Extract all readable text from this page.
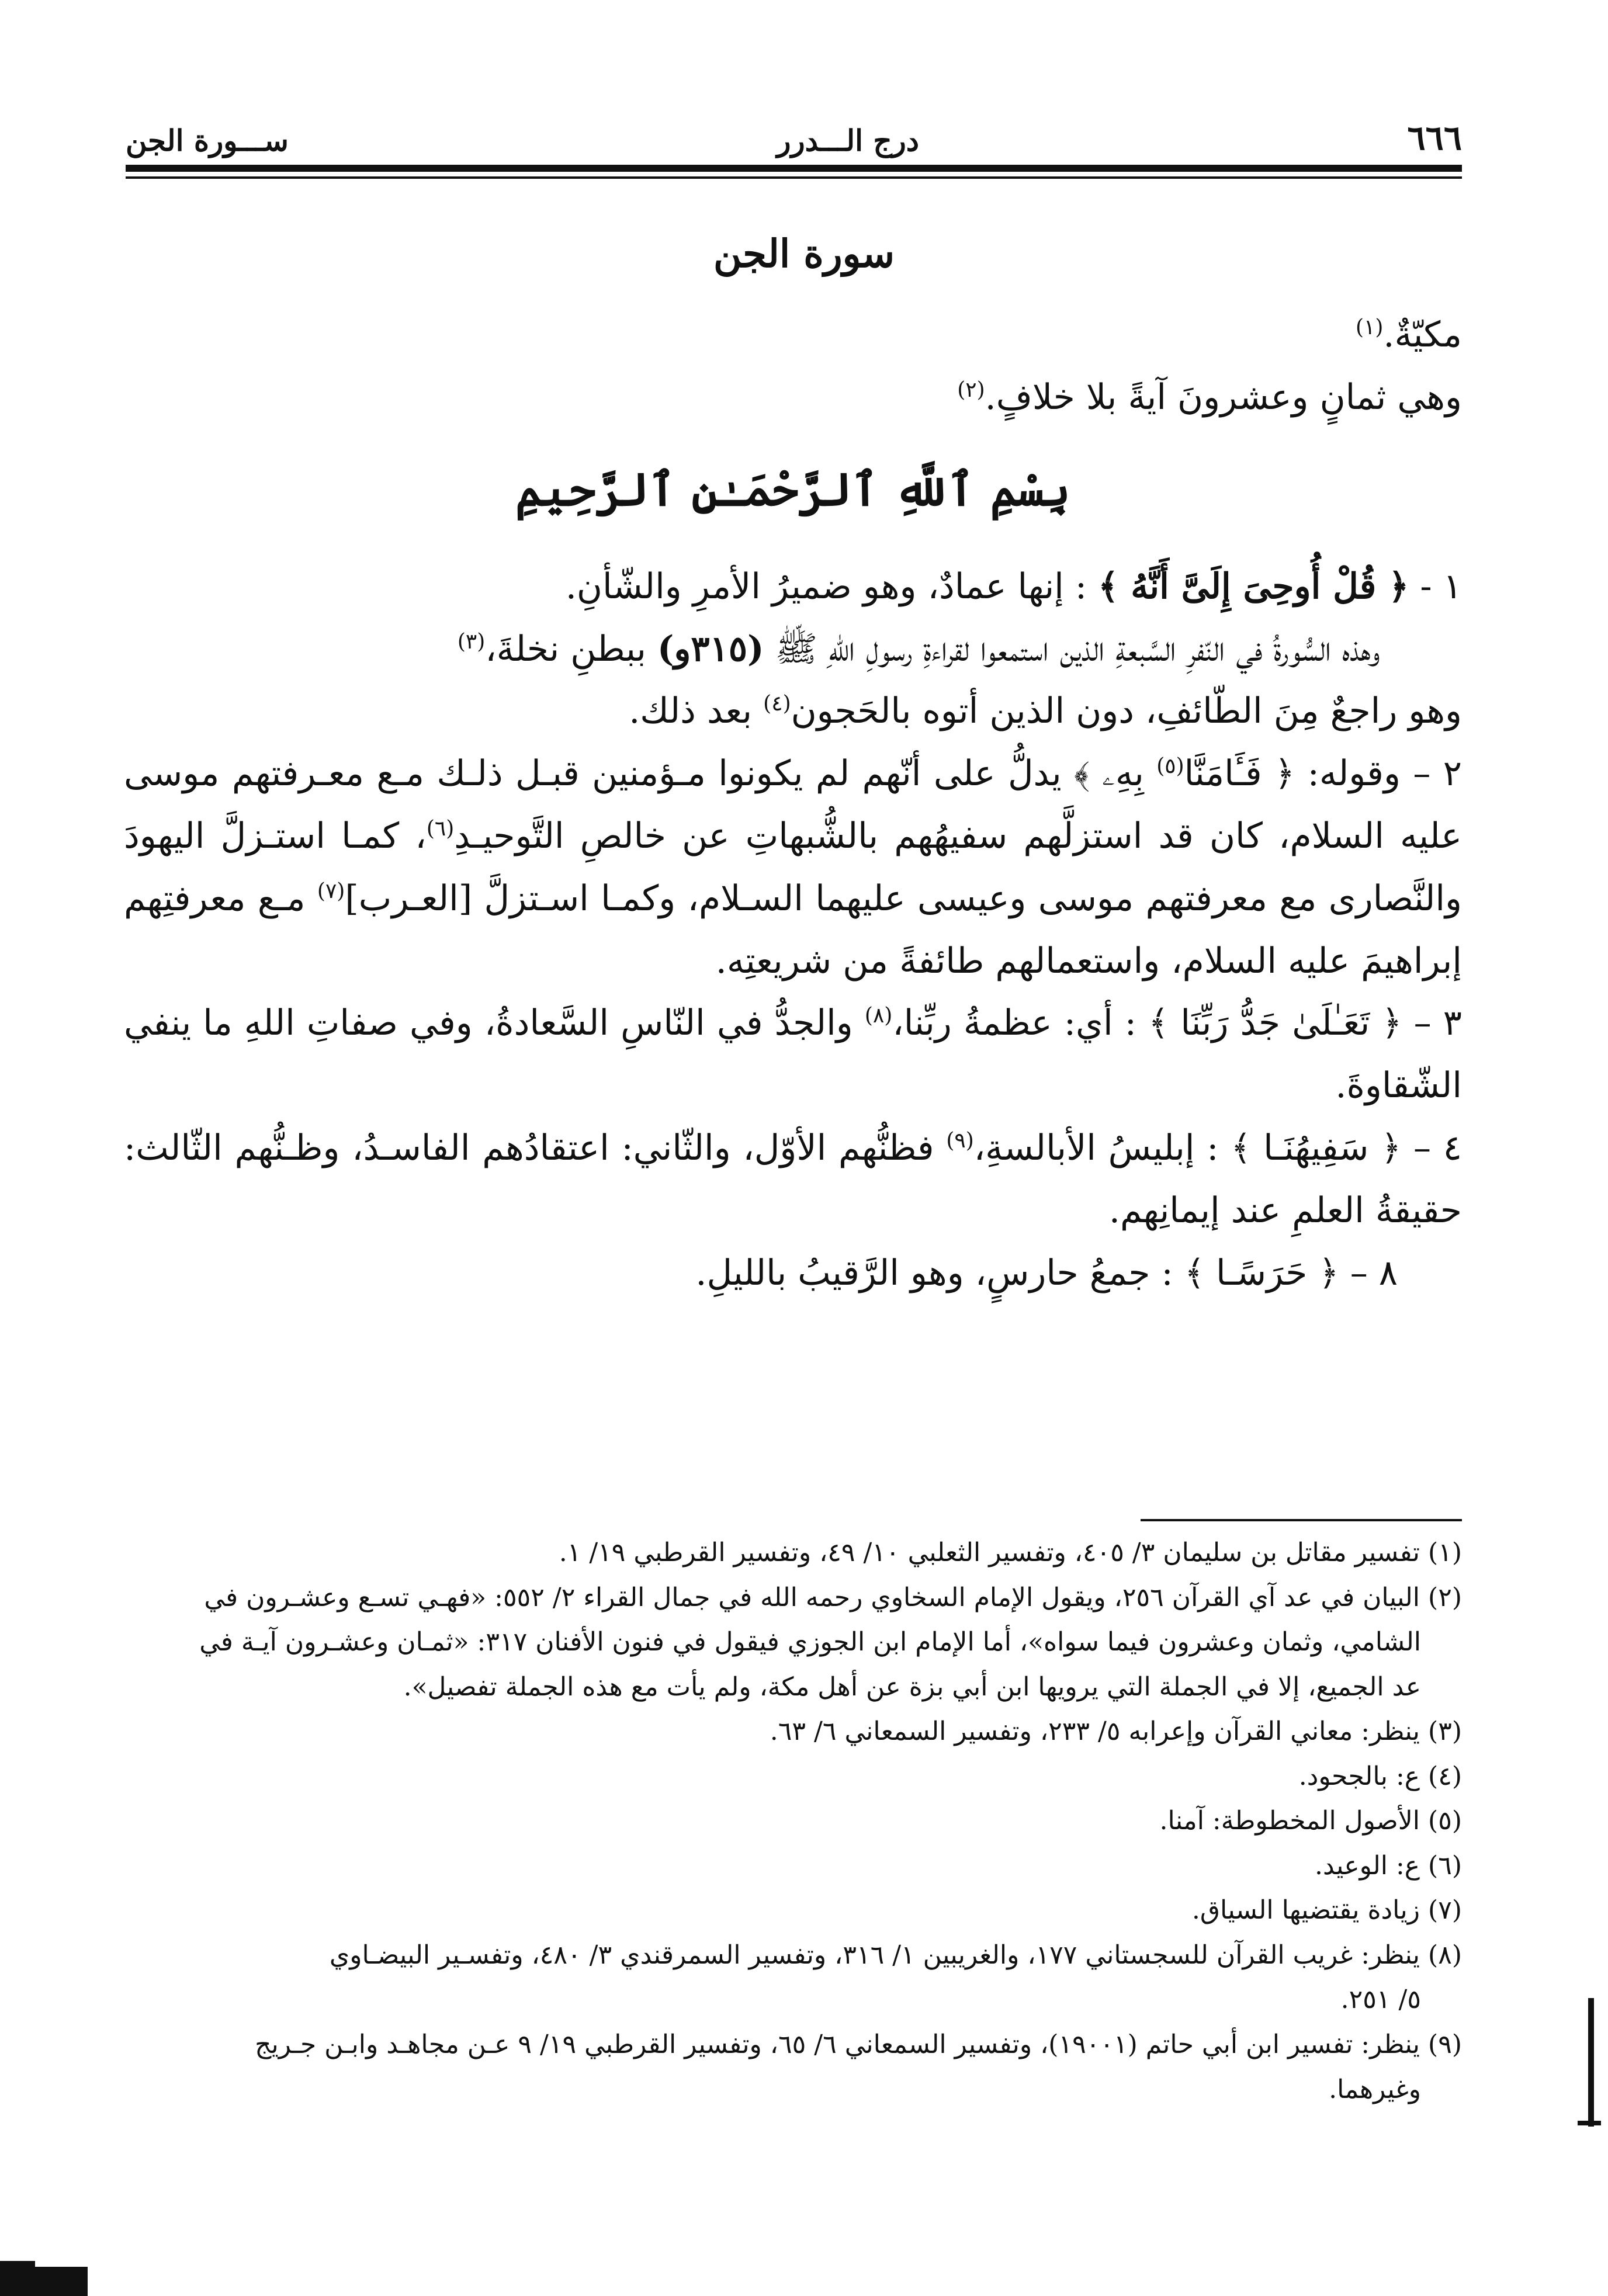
٦٦٦
درج الـــدرر
ســـورة الجن
سورة الجن

مكيّةٌ.$^{(١)}$

وهي ثمانٍ وعشرونَ آيةً بلا خلافٍ.$^{(٢)}$

بِسْمِ ٱللَّهِ ٱلرَّحْمَـٰنِ ٱلرَّحِيمِ

١ - ﴿ قُلْ أُوحِىَ إِلَىَّ أَنَّهُ ﴾ : إنها عمادٌ، وهو ضميرُ الأمرِ والشّأنِ.

وهذه السُّورةُ في النّفرِ السَّبعةِ الذين استمعوا لقراءةِ رسولِ اللهِ ﷺ (٣١٥و) ببطنِ نخلةَ،$^{(٣)}$

وهو راجعٌ مِنَ الطّائفِ، دون الذين أتوه بالحَجون$^{(٤)}$ بعد ذلك.

٢ – وقوله: ﴿ فَـَٔامَنَّا$^{(٥)}$ بِهِۦ ﴾ يدلُّ على أنّهم لم يكونوا مـؤمنين قبـل ذلـك مـع معـرفتهم موسى عليه السلام، كان قد استزلَّهم سفيهُهم بالشُّبهاتِ عن خالصِ التَّوحيـدِ$^{(٦)}$، كمـا استـزلَّ اليهودَ والنَّصارى مع معرفتهم موسى وعيسى عليهما السـلام، وكمـا اسـتزلَّ [العـرب]$^{(٧)}$ مـع معرفتِهم إبراهيمَ عليه السلام، واستعمالهم طائفةً من شريعتِه.

٣ – ﴿ تَعَـٰلَىٰ جَدُّ رَبِّنَا ﴾ : أي: عظمةُ ربِّنا،$^{(٨)}$ والجدُّ في النّاسِ السَّعادةُ، وفي صفاتِ اللهِ ما ينفي الشّقاوةَ.

٤ – ﴿ سَفِيهُنَـا ﴾ : إبليسُ الأبالسةِ،$^{(٩)}$ فظنُّهم الأوّل، والثّاني: اعتقادُهم الفاسـدُ، وظـنُّهم الثّالث: حقيقةُ العلمِ عند إيمانِهم.

٨ – ﴿ حَرَسًـا ﴾ : جمعُ حارسٍ، وهو الرَّقيبُ بالليلِ.

(١) تفسير مقاتل بن سليمان ٣/ ٤٠٥، وتفسير الثعلبي ١٠/ ٤٩، وتفسير القرطبي ١٩/ ١.

(٢) البيان في عد آي القرآن ٢٥٦، ويقول الإمام السخاوي رحمه الله في جمال القراء ٢/ ٥٥٢: «فهـي تسـع وعشـرون في

الشامي، وثمان وعشرون فيما سواه»، أما الإمام ابن الجوزي فيقول في فنون الأفنان ٣١٧: «ثمـان وعشـرون آيـة في

عد الجميع، إلا في الجملة التي يرويها ابن أبي بزة عن أهل مكة، ولم يأت مع هذه الجملة تفصيل».

(٣) ينظر: معاني القرآن وإعرابه ٥/ ٢٣٣، وتفسير السمعاني ٦/ ٦٣.

(٤) ع: بالجحود.

(٥) الأصول المخطوطة: آمنا.

(٦) ع: الوعيد.

(٧) زيادة يقتضيها السياق.

(٨) ينظر: غريب القرآن للسجستاني ١٧٧، والغريبين ١/ ٣١٦، وتفسير السمرقندي ٣/ ٤٨٠، وتفسـير البيضـاوي

٥/ ٢٥١.

(٩) ينظر: تفسير ابن أبي حاتم (١٩٠٠١)، وتفسير السمعاني ٦/ ٦٥، وتفسير القرطبي ١٩/ ٩ عـن مجاهـد وابـن جـريج

وغيرهما.
